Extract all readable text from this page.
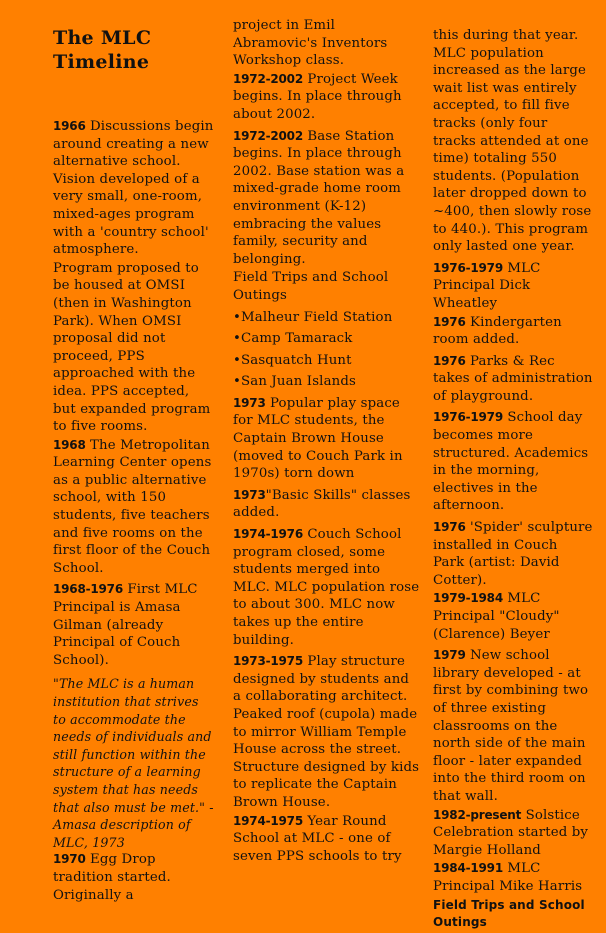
The MLC Timeline
1966 Discussions begin around creating a new alternative school. Vision developed of a very small, one-room, mixed-ages program with a 'country school' atmosphere.
Program proposed to be housed at OMSI (then in Washington Park). When OMSI proposal did not proceed, PPS approached with the idea. PPS accepted, but expanded program to five rooms.
1968 The Metropolitan Learning Center opens as a public alternative school, with 150 students, five teachers and five rooms on the first floor of the Couch School.
1968-1976 First MLC Principal is Amasa Gilman (already Principal of Couch School).
"The MLC is a human institution that strives to accommodate the needs of individuals and still function within the structure of a learning system that has needs that also must be met." -Amasa description of MLC, 1973
1970 Egg Drop tradition started. Originally a
project in Emil Abramovic's Inventors Workshop class.
1972-2002 Project Week begins. In place through about 2002.
1972-2002 Base Station begins. In place through 2002. Base station was a mixed-grade home room environment (K-12) embracing the values family, security and belonging.
Field Trips and School Outings
• Malheur Field Station
• Camp Tamarack
• Sasquatch Hunt
• San Juan Islands
1973 Popular play space for MLC students, the Captain Brown House (moved to Couch Park in 1970s) torn down
1973"Basic Skills" classes added.
1974-1976 Couch School program closed, some students merged into MLC. MLC population rose to about 300. MLC now takes up the entire building.
1973-1975 Play structure designed by students and a collaborating architect. Peaked roof (cupola) made to mirror William Temple House across the street. Structure designed by kids to replicate the Captain Brown House.
1974-1975 Year Round School at MLC - one of seven PPS schools to try
this during that year. MLC population increased as the large wait list was entirely accepted, to fill five tracks (only four tracks attended at one time) totaling 550 students. (Population later dropped down to ~400, then slowly rose to 440.). This program only lasted one year.
1976-1979 MLC Principal Dick Wheatley
1976 Kindergarten room added.
1976 Parks & Rec takes of administration of playground.
1976-1979 School day becomes more structured. Academics in the morning, electives in the afternoon.
1976 'Spider' sculpture installed in Couch Park (artist: David Cotter).
1979-1984 MLC Principal "Cloudy" (Clarence) Beyer
1979 New school library developed - at first by combining two of three existing classrooms on the north side of the main floor - later expanded into the third room on that wall.
1982-present Solstice Celebration started by Margie Holland
1984-1991 MLC Principal Mike Harris
Field Trips and School Outings
